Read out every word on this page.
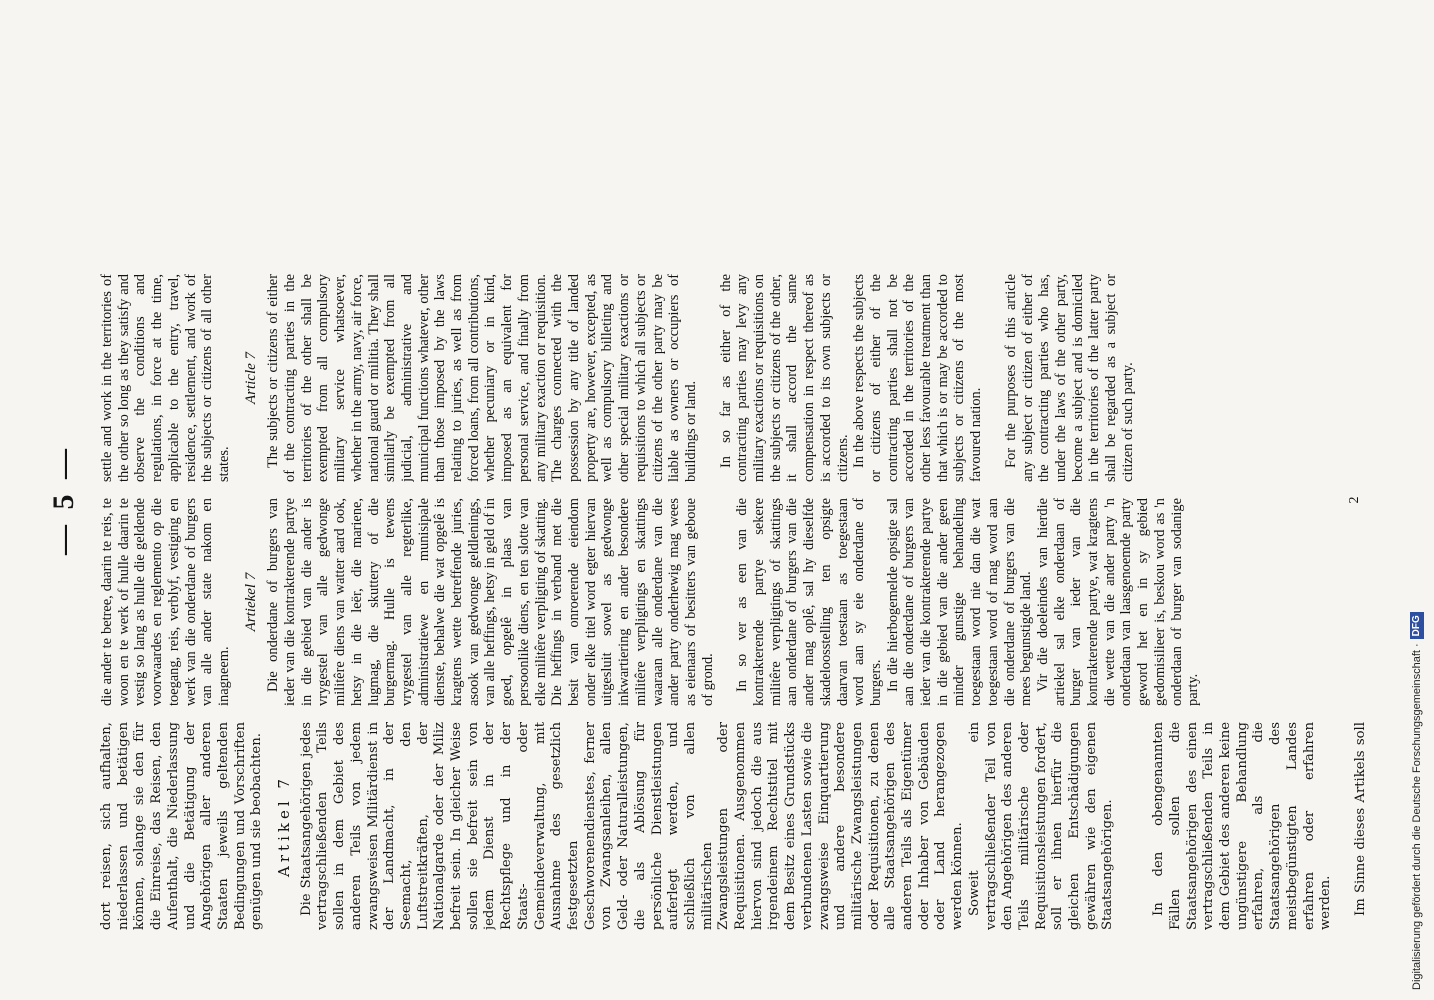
— 5 —

dort reisen, sich aufhalten, niederlassen und betätigen können, solange sie den für die Einreise, das Reisen, den Aufenthalt, die Niederlassung und die Betätigung der Angehörigen aller anderen Staaten jeweils geltenden Bedingungen und Vorschriften genügen und sie beobachten. Artikel 7 Die Staatsangehörigen jedes vertragschließenden Teils sollen in dem Gebiet des anderen Teils von jedem zwangsweisen Militärdienst in der Landmacht, in der Seemacht, den Luftstreitkräften, der Nationalgarde oder der Miliz befreit sein. In gleicher Weise sollen sie befreit sein von jedem Dienst in der Rechtspflege und in der Staats- oder Gemeindeverwaltung, mit Ausnahme des gesetzlich festgesetzten Geschworenendienstes, ferner von Zwangsanleihen, allen Geld- oder Naturalleistungen, die als Ablösung für persönliche Dienstleistungen auferlegt werden, und schließlich von allen militärischen Zwangsleistungen oder Requisitionen. Ausgenommen hiervon sind jedoch die aus irgendeinem Rechtstitel mit dem Besitz eines Grundstücks verbundenen Lasten sowie die zwangsweise Einquartierung und andere besondere militärische Zwangsleistungen oder Requisitionen, zu denen alle Staatsangehörigen des anderen Teils als Eigentümer oder Inhaber von Gebäuden oder Land herangezogen werden können. Soweit ein vertragschließender Teil von den Angehörigen des anderen Teils militärische oder Requisitionsleistungen fordert, soll er ihnen hierfür die gleichen Entschädigungen gewähren wie den eigenen Staatsangehörigen.	In den obengenannten Fällen sollen die Staatsangehörigen des einen vertragschließenden Teils in dem Gebiet des anderen keine ungünstigere Behandlung erfahren, als die Staatsangehörigen des meistbegünstigten Landes erfahren oder erfahren werden. Im Sinne dieses Artikels soll

die ander te betree, daarin te reis, te woon en te werk of hulle daarin te vestig so lang as hulle die geldende voorwaardes en reglemento op die toegang, reis, verblyf, vestiging en werk van die onderdane of burgers van alle ander state nakom en inagneem.

Artiekel 7 Die onderdane of burgers van ieder van die kontrakterende partye in die gebied van die ander is vrygestel van alle gedwonge militêre diens van watter aard ook, hetsy in die leër, die mariene, lugmag, die skuttery of die burgermag. Hulle is tewens vrygestel van alle regterlike, administratiewe en munisipale dienste, behalwe die wat opgelê is kragtens wette betreffende juries, asook van gedwonge geldlenings, van alle heffings, hetsy in geld of in goed, opgelê in plaas van persoonlike diens, en ten slotte van elke militêre verpligting of skatting. Die heffings in verband met die besit van onroerende eiendom onder elke titel word egter hiervan uitgesluit sowel as gedwonge inkwartiering en ander besondere militêre verpligtings en skattings waaraan alle onderdane van die ander party onderhewig mag wees as eienaars of besitters van geboue of grond. In so ver as een van die kontrakterende partye sekere militêre verpligtings of skattings aan onderdane of burgers van die ander mag oplê, sal hy dieselfde skadeloosstelling ten opsigte daarvan toestaan as toegestaan word aan sy eie onderdane of burgers. In die hierbogemelde opsigte sal aan die onderdane of burgers van ieder van die kontrakterende partye in die gebied van die ander geen minder gunstige behandeling toegestaan word nie dan die wat toegestaan word of mag word aan die onderdane of burgers van die mees begunstigde land. Vir die doeleindes van hierdie artiekel sal elke onderdaan of burger van ieder van die kontrakterende partye, wat kragtens die wette van die ander party 'n onderdaan van laasgenoemde party geword het en in sy gebied gedomisilieer is, beskou word as 'n onderdaan of burger van sodanige party.

settle and work in the territories of the other so long as they satisfy and observe the conditions and regulations, in force at the time, applicable to the entry, travel, residence, settlement, and work of the subjects or citizens of all other states.

Article 7 The subjects or citizens of either of the contracting parties in the territories of the other shall be exempted from all compulsory military service whatsoever, whether in the army, navy, air force, national guard or militia. They shall similarly be exempted from all judicial, administrative and municipal functions whatever, other than those imposed by the laws relating to juries, as well as from forced loans, from all contributions, whether pecuniary or in kind, imposed as an equivalent for personal service, and finally from any military exaction or requisition. The charges connected with the possession by any title of landed property are, however, excepted, as well as compulsory billeting and other special military exactions or requisitions to which all subjects or citizens of the other party may be liable as owners or occupiers of buildings or land. In so far as either of the contracting parties may levy any military exactions or requisitions on the subjects or citizens of the other, it shall accord the same compensation in respect thereof as is accorded to its own subjects or citizens. In the above respects the subjects or citizens of either of the contracting parties shall not be accorded in the territories of the other less favourable treatment than that which is or may be accorded to subjects or citizens of the most favoured nation. For the purposes of this article any subject or citizen of either of the contracting parties who has, under the laws of the other party, become a subject and is domiciled in the territories of the latter party shall be regarded as a subject or citizen of such party.

2
Digitalisierung gefördert durch die Deutsche Forschungsgemeinschaft ·DFG
